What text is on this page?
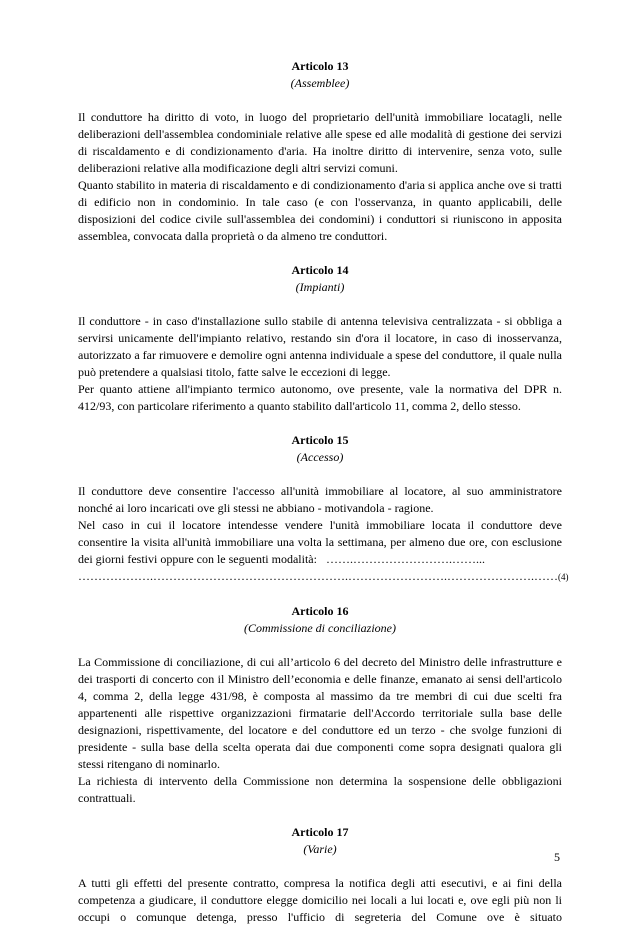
Articolo 13

(Assemblee)

Il conduttore ha diritto di voto, in luogo del proprietario dell'unità immobiliare locatagli, nelle deliberazioni dell'assemblea condominiale relative alle spese ed alle modalità di gestione dei servizi di riscaldamento e di condizionamento d'aria. Ha inoltre diritto di intervenire, senza voto, sulle deliberazioni relative alla modificazione degli altri servizi comuni.

Quanto stabilito in materia di riscaldamento e di condizionamento d'aria si applica anche ove si tratti di edificio non in condominio. In tale caso (e con l'osservanza, in quanto applicabili, delle disposizioni del codice civile sull'assemblea dei condomini) i conduttori si riuniscono in apposita assemblea, convocata dalla proprietà o da almeno tre conduttori.

Articolo 14

(Impianti)

Il conduttore - in caso d'installazione sullo stabile di antenna televisiva centralizzata - si obbliga a servirsi unicamente dell'impianto relativo, restando sin d'ora il locatore, in caso di inosservanza, autorizzato a far rimuovere e demolire ogni antenna individuale a spese del conduttore, il quale nulla può pretendere a qualsiasi titolo, fatte salve le eccezioni di legge.

Per quanto attiene all'impianto termico autonomo, ove presente, vale la normativa del DPR n. 412/93, con particolare riferimento a quanto stabilito dall'articolo 11, comma 2, dello stesso.

Articolo 15

(Accesso)

Il conduttore deve consentire l'accesso all'unità immobiliare al locatore, al suo amministratore nonché ai loro incaricati ove gli stessi ne abbiano - motivandola - ragione.

Nel caso in cui il locatore intendesse vendere l'unità immobiliare locata il conduttore deve consentire la visita all'unità immobiliare una volta la settimana, per almeno due ore, con esclusione dei giorni festivi oppure con le seguenti modalità: …….…………………….……...

……………….………………………………………….…………………….………………….……(4)

Articolo 16

(Commissione di conciliazione)

La Commissione di conciliazione, di cui all’articolo 6 del decreto del Ministro delle infrastrutture e dei trasporti di concerto con il Ministro dell’economia e delle finanze, emanato ai sensi dell'articolo 4, comma 2, della legge 431/98, è composta al massimo da tre membri di cui due scelti fra appartenenti alle rispettive organizzazioni firmatarie dell'Accordo territoriale sulla base delle designazioni, rispettivamente, del locatore e del conduttore ed un terzo - che svolge funzioni di presidente - sulla base della scelta operata dai due componenti come sopra designati qualora gli stessi ritengano di nominarlo.

La richiesta di intervento della Commissione non determina la sospensione delle obbligazioni contrattuali.

Articolo 17

(Varie)

A tutti gli effetti del presente contratto, compresa la notifica degli atti esecutivi, e ai fini della competenza a giudicare, il conduttore elegge domicilio nei locali a lui locati e, ove egli più non li occupi o comunque detenga, presso l'ufficio di segreteria del Comune ove è situato

5
